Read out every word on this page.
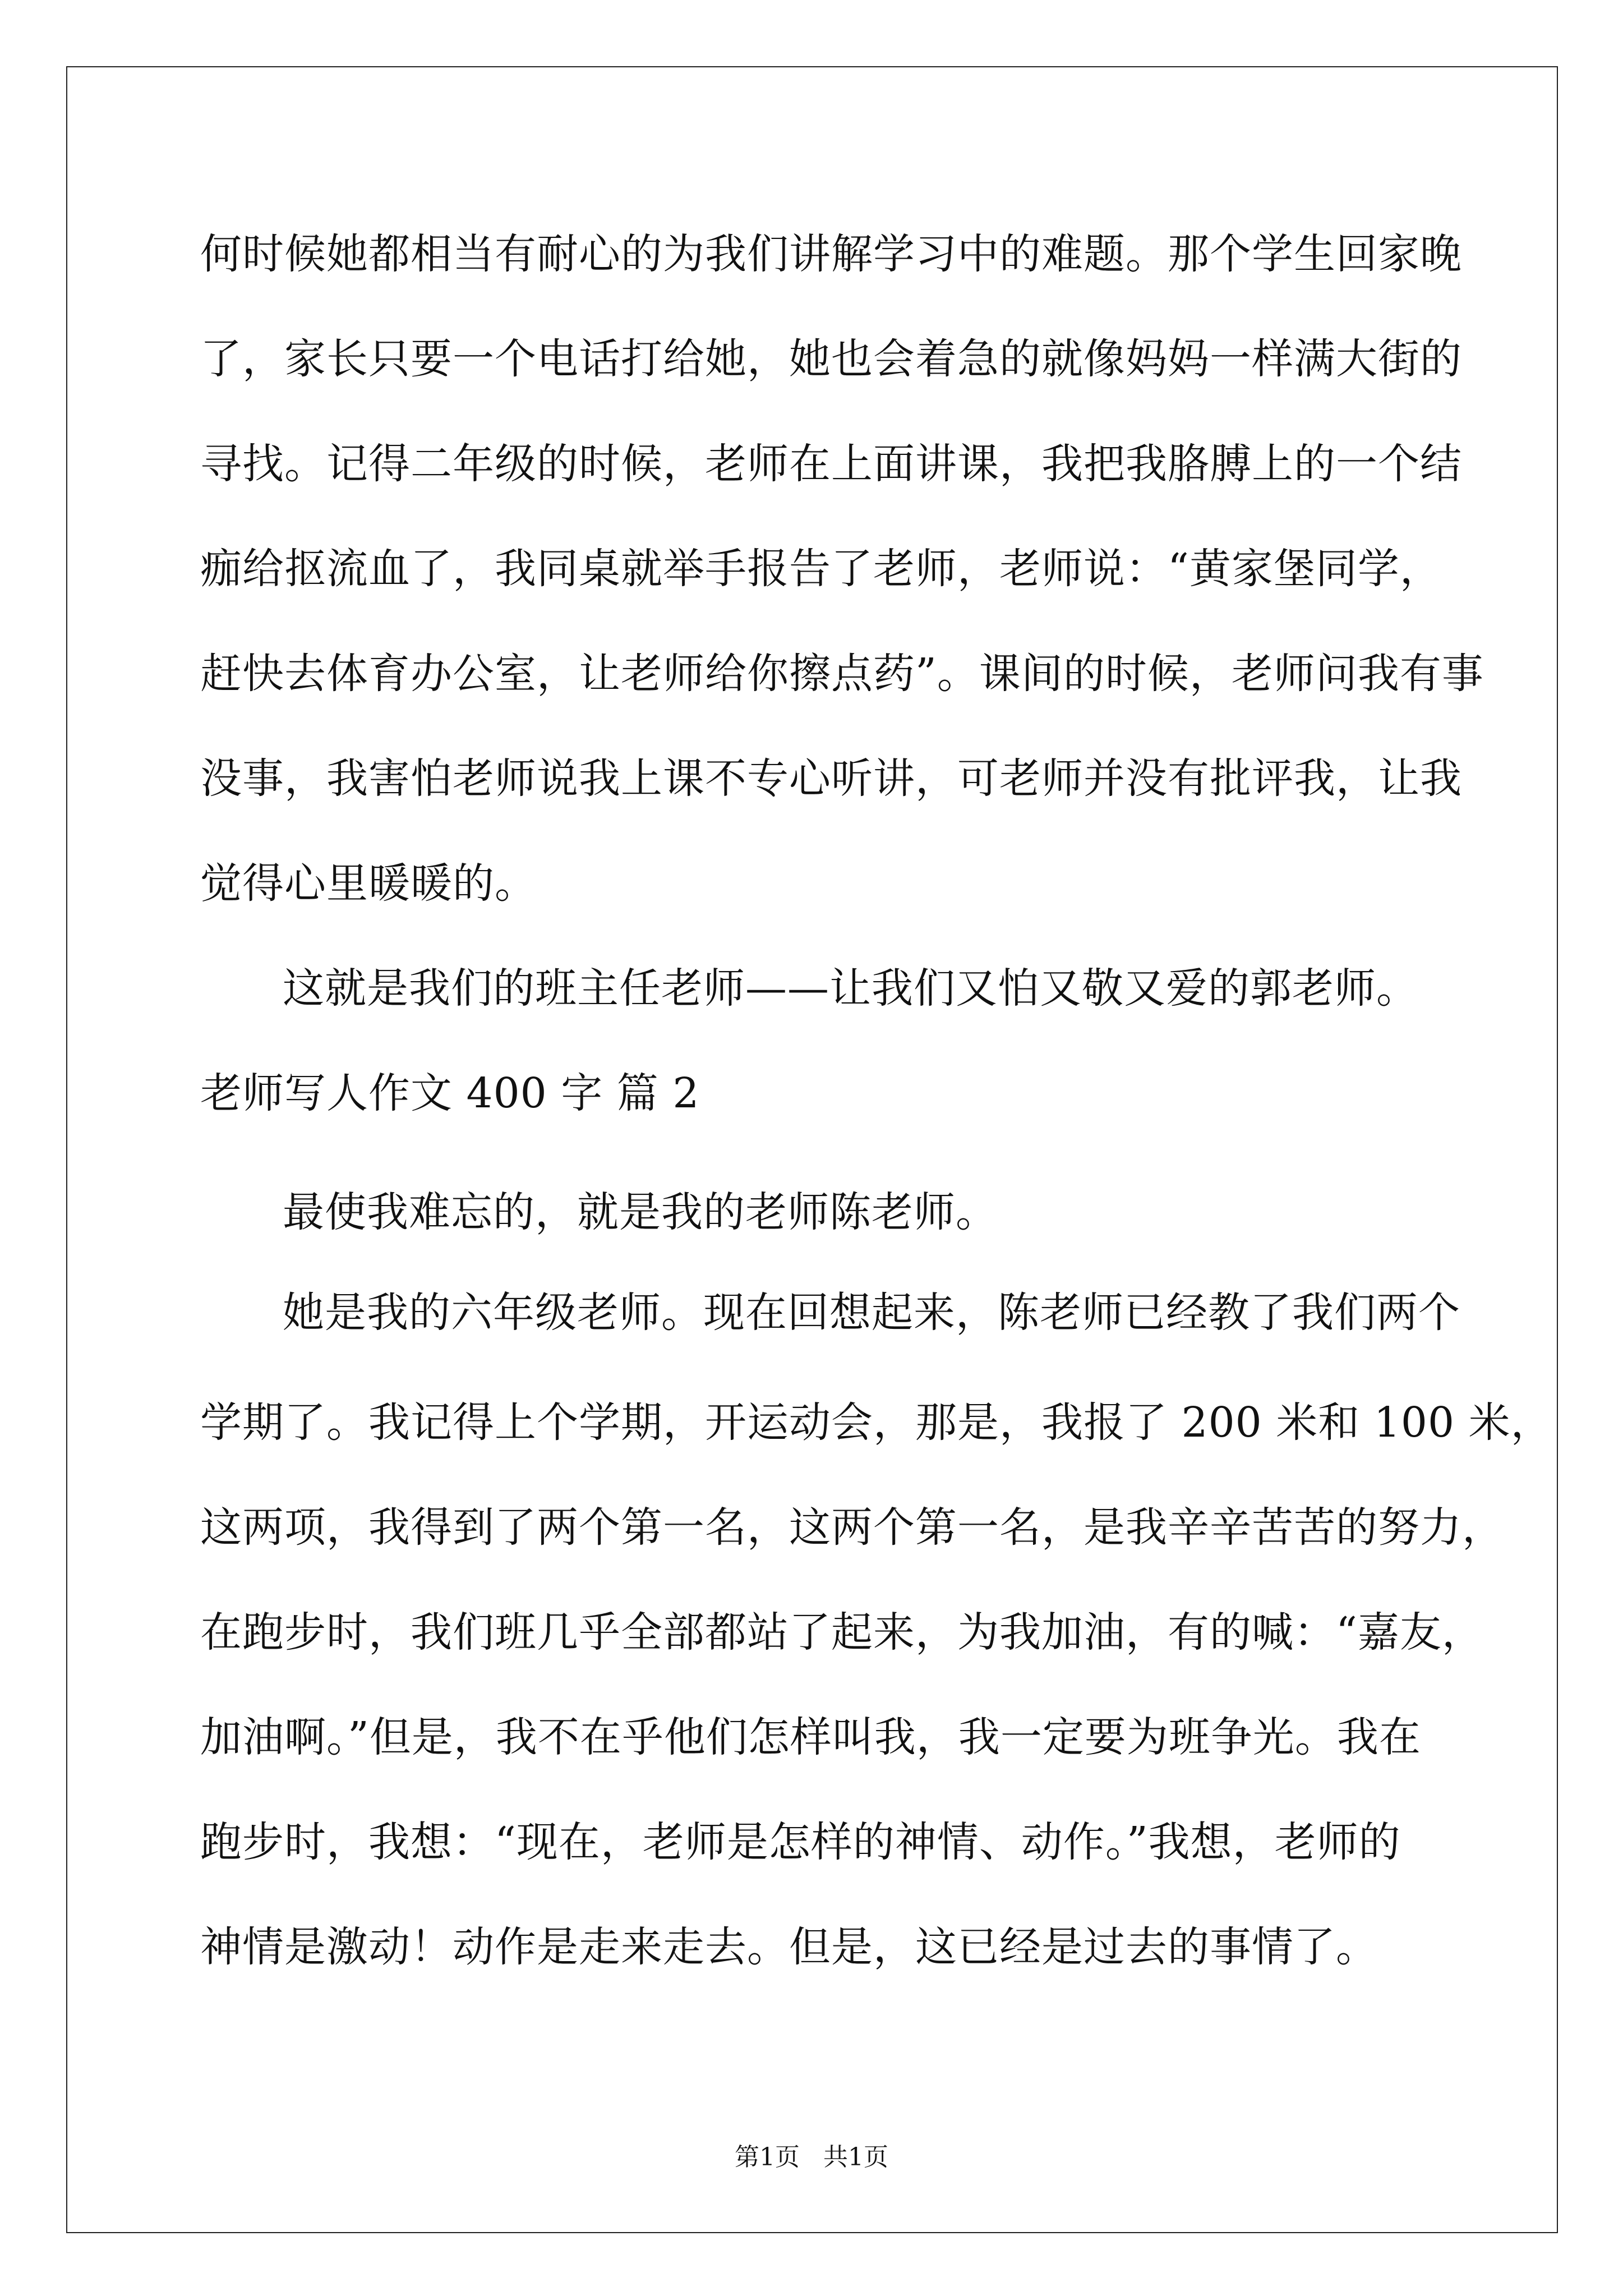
何时候她都相当有耐心的为我们讲解学习中的难题。那个学生回家晚
了，家长只要一个电话打给她，她也会着急的就像妈妈一样满大街的
寻找。记得二年级的时候，老师在上面讲课，我把我胳膊上的一个结
痂给抠流血了，我同桌就举手报告了老师，老师说：“黄家堡同学，
赶快去体育办公室，让老师给你擦点药”。课间的时候，老师问我有事
没事，我害怕老师说我上课不专心听讲，可老师并没有批评我，让我
觉得心里暖暖的。
这就是我们的班主任老师——让我们又怕又敬又爱的郭老师。
老师写人作文 400 字 篇 2
最使我难忘的，就是我的老师陈老师。
她是我的六年级老师。现在回想起来，陈老师已经教了我们两个
学期了。我记得上个学期，开运动会，那是，我报了 200 米和 100 米，
这两项，我得到了两个第一名，这两个第一名，是我辛辛苦苦的努力，
在跑步时，我们班几乎全部都站了起来，为我加油，有的喊：“嘉友，
加油啊。”但是，我不在乎他们怎样叫我，我一定要为班争光。我在
跑步时，我想：“现在，老师是怎样的神情、动作。”我想，老师的
神情是激动！动作是走来走去。但是，这已经是过去的事情了。
第1页   共1页
